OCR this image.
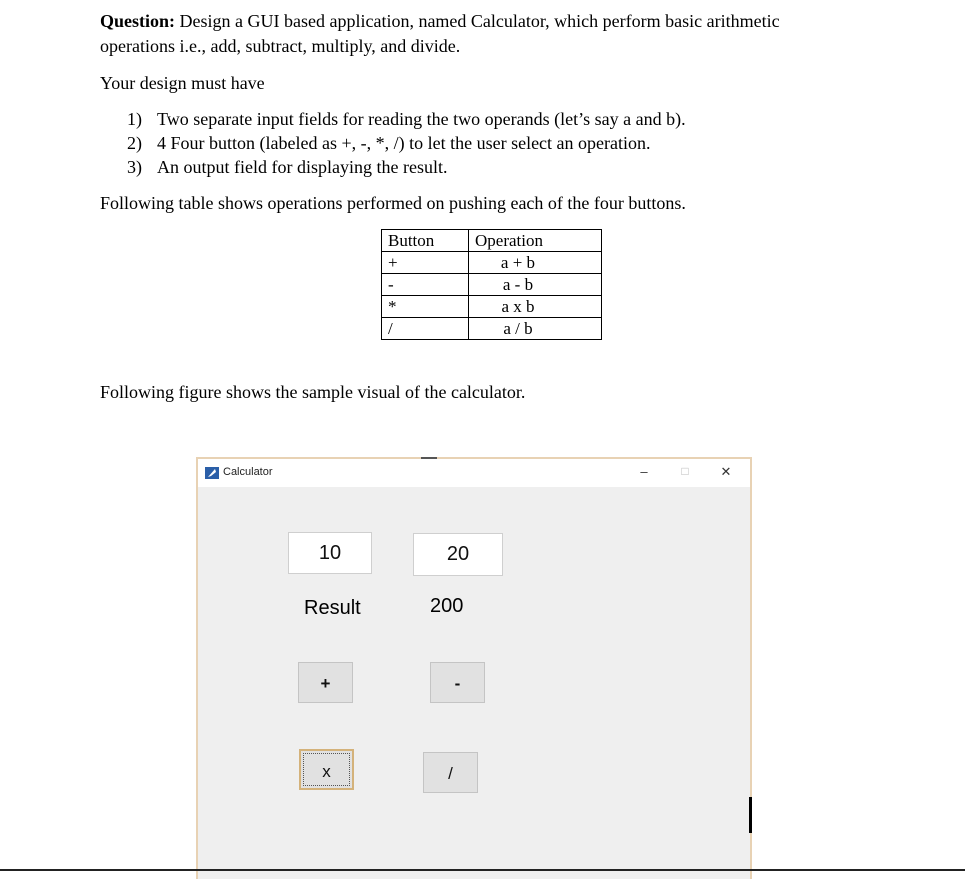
Question: Design a GUI based application, named Calculator, which perform basic arithmetic
operations i.e., add, subtract, multiply, and divide.
Your design must have
1) Two separate input fields for reading the two operands (let’s say a and b).
2) 4 Four button (labeled as +, -, *, /) to let the user select an operation.
3) An output field for displaying the result.
Following table shows operations performed on pushing each of the four buttons.
Button	Operation
+	a + b
-	a - b
*	a x b
/	a / b
Following figure shows the sample visual of the calculator.
Calculator	–	□	✕
10	20
Result	200
+	-
x	/
